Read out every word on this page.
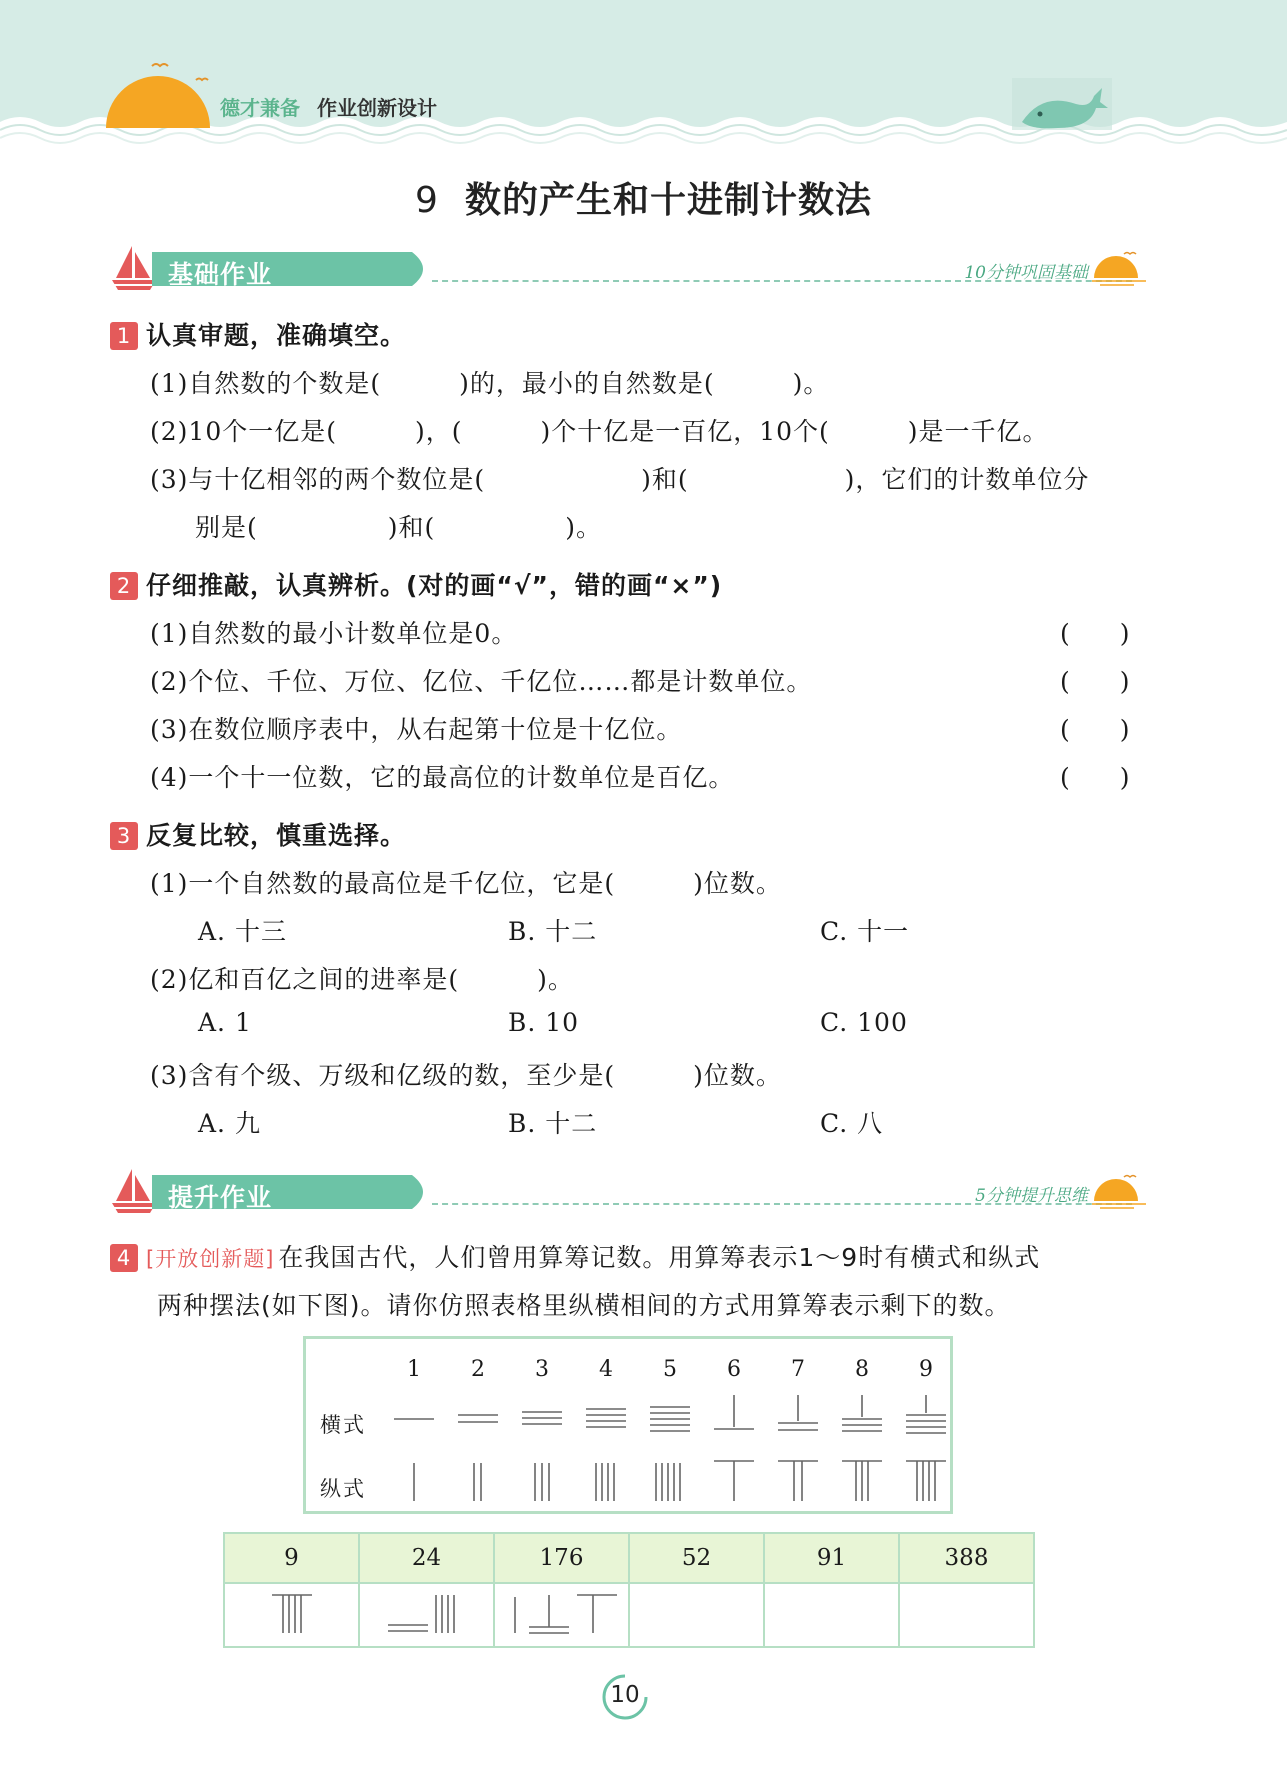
德才兼备 作业创新设计
9 数的产生和十进制计数法
基础作业	10分钟巩固基础
1 认真审题，准确填空。
(1)自然数的个数是(　　　)的，最小的自然数是(　　　)。
(2)10个一亿是(　　　)，(　　　)个十亿是一百亿，10个(　　　)是一千亿。
(3)与十亿相邻的两个数位是(　　　　　　)和(　　　　　　)，它们的计数单位分
别是(　　　　　)和(　　　　　)。
2 仔细推敲，认真辨析。(对的画“√”，错的画“×”)
(1)自然数的最小计数单位是0。	(　　)
(2)个位、千位、万位、亿位、千亿位……都是计数单位。	(　　)
(3)在数位顺序表中，从右起第十位是十亿位。	(　　)
(4)一个十一位数，它的最高位的计数单位是百亿。	(　　)
3 反复比较，慎重选择。
(1)一个自然数的最高位是千亿位，它是(　　　)位数。
A. 十三	B. 十二	C. 十一
(2)亿和百亿之间的进率是(　　　)。
A. 1	B. 10	C. 100
(3)含有个级、万级和亿级的数，至少是(　　　)位数。
A. 九	B. 十二	C. 八
提升作业	5分钟提升思维
4 [开放创新题] 在我国古代，人们曾用算筹记数。用算筹表示1～9时有横式和纵式
两种摆法(如下图)。请你仿照表格里纵横相间的方式用算筹表示剩下的数。
1	2	3	4	5	6	7	8	9
横式
纵式
9	24	176	52	91	388

10
